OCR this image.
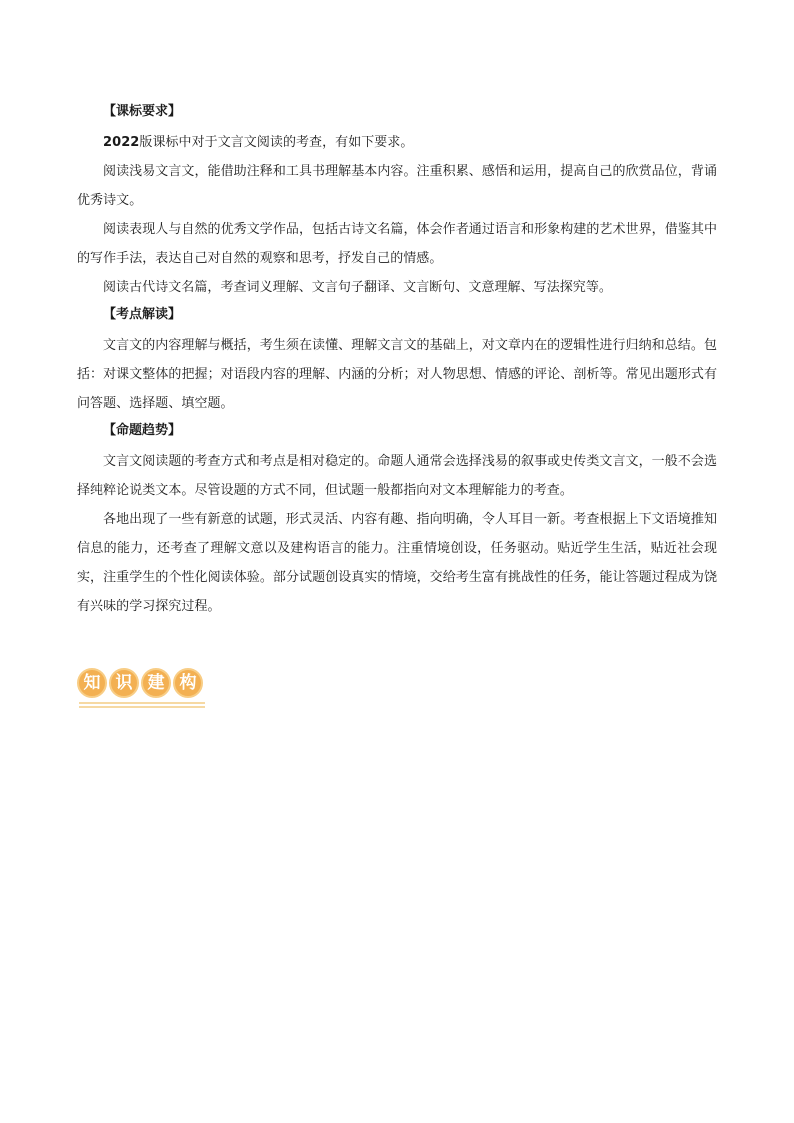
【课标要求】

2022版课标中对于文言文阅读的考查，有如下要求。

阅读浅易文言文，能借助注释和工具书理解基本内容。注重积累、感悟和运用，提高自己的欣赏品位，背诵优秀诗文。

阅读表现人与自然的优秀文学作品，包括古诗文名篇，体会作者通过语言和形象构建的艺术世界，借鉴其中的写作手法，表达自己对自然的观察和思考，抒发自己的情感。

阅读古代诗文名篇，考查词义理解、文言句子翻译、文言断句、文意理解、写法探究等。

【考点解读】

文言文的内容理解与概括，考生须在读懂、理解文言文的基础上，对文章内在的逻辑性进行归纳和总结。包括：对课文整体的把握；对语段内容的理解、内涵的分析；对人物思想、情感的评论、剖析等。常见出题形式有问答题、选择题、填空题。

【命题趋势】

文言文阅读题的考查方式和考点是相对稳定的。命题人通常会选择浅易的叙事或史传类文言文，一般不会选择纯粹论说类文本。尽管设题的方式不同，但试题一般都指向对文本理解能力的考查。

各地出现了一些有新意的试题，形式灵活、内容有趣、指向明确，令人耳目一新。考查根据上下文语境推知信息的能力，还考查了理解文意以及建构语言的能力。注重情境创设，任务驱动。贴近学生生活，贴近社会现实，注重学生的个性化阅读体验。部分试题创设真实的情境，交给考生富有挑战性的任务，能让答题过程成为饶有兴味的学习探究过程。

知 识 建 构
